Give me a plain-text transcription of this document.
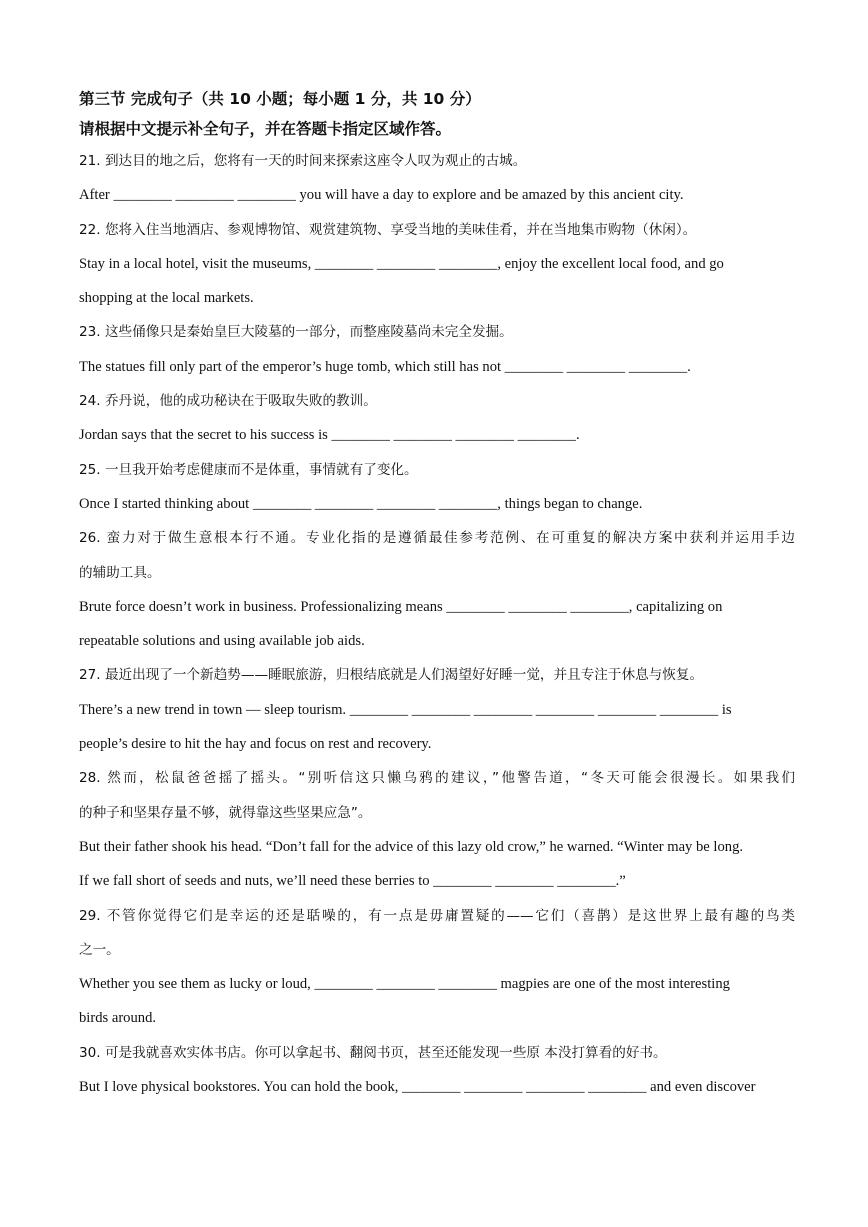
第三节 完成句子（共 10 小题；每小题 1 分，共 10 分）
请根据中文提示补全句子，并在答题卡指定区域作答。
21. 到达目的地之后，您将有一天的时间来探索这座令人叹为观止的古城。
After ________ ________ ________ you will have a day to explore and be amazed by this ancient city.
22. 您将入住当地酒店、参观博物馆、观赏建筑物、享受当地的美味佳肴，并在当地集市购物（休闲）。
Stay in a local hotel, visit the museums, ________ ________ ________, enjoy the excellent local food, and go
shopping at the local markets.
23. 这些俑像只是秦始皇巨大陵墓的一部分，而整座陵墓尚未完全发掘。
The statues fill only part of the emperor’s huge tomb, which still has not ________ ________ ________.
24. 乔丹说，他的成功秘诀在于吸取失败的教训。
Jordan says that the secret to his success is ________ ________ ________ ________.
25. 一旦我开始考虑健康而不是体重，事情就有了变化。
Once I started thinking about ________ ________ ________ ________, things began to change.
26. 蛮力对于做生意根本行不通。专业化指的是遵循最佳参考范例、在可重复的解决方案中获利并运用手边
的辅助工具。
Brute force doesn’t work in business. Professionalizing means ________ ________ ________, capitalizing on
repeatable solutions and using available job aids.
27. 最近出现了一个新趋势——睡眠旅游，归根结底就是人们渴望好好睡一觉，并且专注于休息与恢复。
There’s a new trend in town — sleep tourism. ________ ________ ________ ________ ________ ________ is
people’s desire to hit the hay and focus on rest and recovery.
28. 然而，松鼠爸爸摇了摇头。“别听信这只懒乌鸦的建议，”他警告道，“冬天可能会很漫长。如果我们
的种子和坚果存量不够，就得靠这些坚果应急”。
But their father shook his head. “Don’t fall for the advice of this lazy old crow,” he warned. “Winter may be long.
If we fall short of seeds and nuts, we’ll need these berries to ________ ________ ________.”
29. 不管你觉得它们是幸运的还是聒噪的，有一点是毋庸置疑的——它们（喜鹊）是这世界上最有趣的鸟类
之一。
Whether you see them as lucky or loud, ________ ________ ________ magpies are one of the most interesting
birds around.
30. 可是我就喜欢实体书店。你可以拿起书、翻阅书页，甚至还能发现一些原 本没打算看的好书。
But I love physical bookstores. You can hold the book, ________ ________ ________ ________ and even discover
